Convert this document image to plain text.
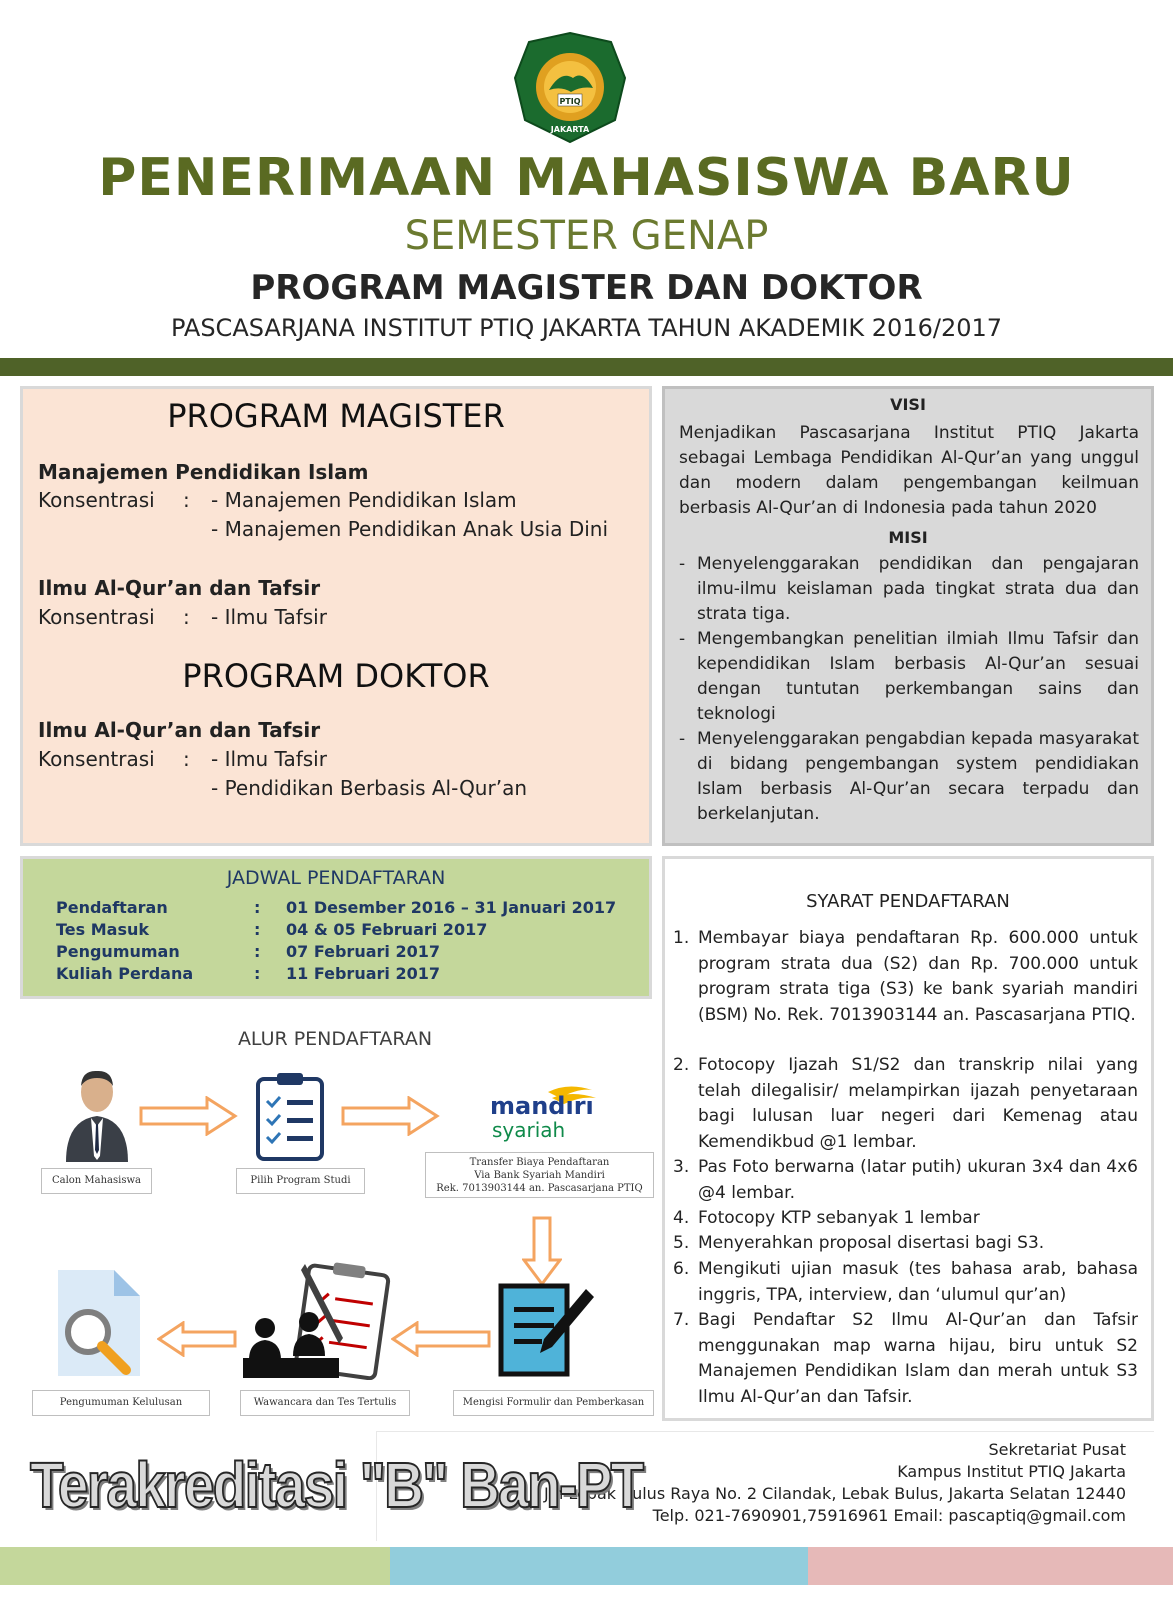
PTIQ
JAKARTA
PENERIMAAN MAHASISWA BARU
SEMESTER GENAP
PROGRAM MAGISTER DAN DOKTOR
PASCASARJANA INSTITUT PTIQ JAKARTA TAHUN AKADEMIK 2016/2017
PROGRAM MAGISTER
Manajemen Pendidikan Islam
Konsentrasi : - Manajemen Pendidikan Islam
- Manajemen Pendidikan Anak Usia Dini
Ilmu Al-Qur’an dan Tafsir
Konsentrasi : - Ilmu Tafsir
PROGRAM DOKTOR
Ilmu Al-Qur’an dan Tafsir
Konsentrasi : - Ilmu Tafsir
- Pendidikan Berbasis Al-Qur’an
VISI
Menjadikan Pascasarjana Institut PTIQ Jakarta sebagai Lembaga Pendidikan Al-Qur’an yang unggul dan modern dalam pengembangan keilmuan berbasis Al-Qur’an di Indonesia pada tahun 2020
MISI
- Menyelenggarakan pendidikan dan pengajaran ilmu-ilmu keislaman pada tingkat strata dua dan strata tiga.
- Mengembangkan penelitian ilmiah Ilmu Tafsir dan kependidikan Islam berbasis Al-Qur’an sesuai dengan tuntutan perkembangan sains dan teknologi
- Menyelenggarakan pengabdian kepada masyarakat di bidang pengembangan system pendidiakan Islam berbasis Al-Qur’an secara terpadu dan berkelanjutan.
JADWAL PENDAFTARAN
Pendaftaran	: 01 Desember 2016 – 31 Januari 2017
Tes Masuk	: 04 & 05 Februari 2017
Pengumuman	: 07 Februari 2017
Kuliah Perdana	: 11 Februari 2017
ALUR PENDAFTARAN
mandırı
syariah
Calon Mahasiswa	Pilih Program Studi
Transfer Biaya Pendaftaran
Via Bank Syariah Mandiri
Rek. 7013903144 an. Pascasarjana PTIQ
Pengumuman Kelulusan	Wawancara dan Tes Tertulis	Mengisi Formulir dan Pemberkasan
SYARAT PENDAFTARAN
1. Membayar biaya pendaftaran Rp. 600.000 untuk program strata dua (S2) dan Rp. 700.000 untuk program strata tiga (S3) ke bank syariah mandiri (BSM) No. Rek. 7013903144 an. Pascasarjana PTIQ.
2. Fotocopy Ijazah S1/S2 dan transkrip nilai yang telah dilegalisir/ melampirkan ijazah penyetaraan bagi lulusan luar negeri dari Kemenag atau Kemendikbud @1 lembar.
3. Pas Foto berwarna (latar putih) ukuran 3x4 dan 4x6 @4 lembar.
4. Fotocopy KTP sebanyak 1 lembar
5. Menyerahkan proposal disertasi bagi S3.
6. Mengikuti ujian masuk (tes bahasa arab, bahasa inggris, TPA, interview, dan ‘ulumul qur’an)
7. Bagi Pendaftar S2 Ilmu Al-Qur’an dan Tafsir menggunakan map warna hijau, biru untuk S2 Manajemen Pendidikan Islam dan merah untuk S3 Ilmu Al-Qur’an dan Tafsir.
Sekretariat Pusat
Kampus Institut PTIQ Jakarta
Jln Lebak Bulus Raya No. 2 Cilandak, Lebak Bulus, Jakarta Selatan 12440
Telp. 021-7690901,75916961 Email: pascaptiq@gmail.com
Terakreditasi "B" Ban-PT
